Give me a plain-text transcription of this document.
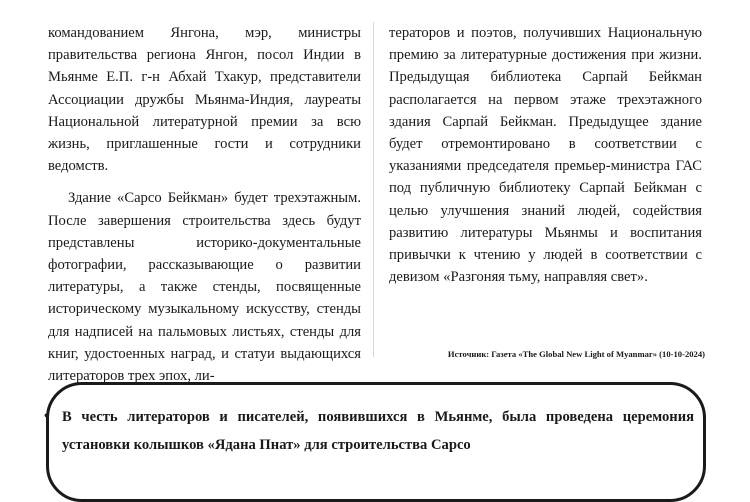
командованием Янгона, мэр, министры правительства региона Янгон, посол Индии в Мьянме Е.П. г-н Абхай Тхакур, представители Ассоциации дружбы Мьянма-Индия, лауреаты Национальной литературной премии за всю жизнь, приглашенные гости и сотрудники ведомств.

Здание «Сарсо Бейкман» будет трехэтажным. После завершения строительства здесь будут представлены историко-документальные фотографии, рассказывающие о развитии литературы, а также стенды, посвященные историческому музыкальному искусству, стенды для надписей на пальмовых листьях, стенды для книг, удостоенных наград, и статуи выдающихся литераторов трех эпох, ли-

тераторов и поэтов, получивших Национальную премию за литературные достижения при жизни. Предыдущая библиотека Сарпай Бейкман располагается на первом этаже трехэтажного здания Сарпай Бейкман. Предыдущее здание будет отремонтировано в соответствии с указаниями председателя премьер-министра ГАС под публичную библиотеку Сарпай Бейкман с целью улучшения знаний людей, содействия развитию литературы Мьянмы и воспитания привычки к чтению у людей в соответствии с девизом «Разгоняя тьму, направляя свет».

Источник: Газета «The Global New Light of Myanmar» (10-10-2024)
• В честь литераторов и писателей, появившихся в Мьянме, была проведена церемония установки колышков «Ядана Пнат» для строительства Сарсо
